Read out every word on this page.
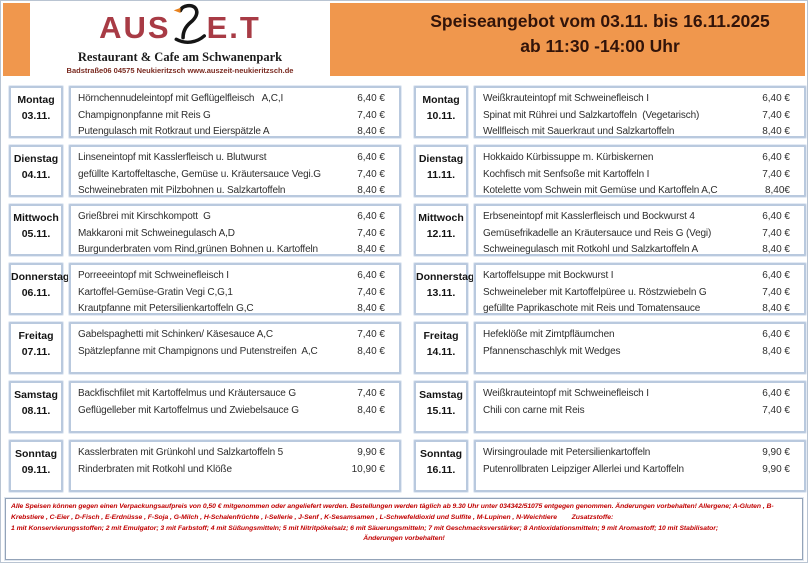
AUS E.T
Restaurant & Cafe am Schwanenpark
Badstraße06 04575 Neukieritzsch www.auszeit-neukieritzsch.de
Speiseangebot vom 03.11. bis 16.11.2025
ab 11:30 -14:00 Uhr
Montag
03.11.
Hörnchennudeleintopf mit Geflügelfleisch   A,C,I	6,40 €
Champignonpfanne mit Reis G	7,40 €
Putengulasch mit Rotkraut und Eierspätzle A	8,40 €
Dienstag
04.11.
Linseneintopf mit Kasslerfleisch u. Blutwurst	6,40 €
gefüllte Kartoffeltasche, Gemüse u. Kräutersauce Vegi.G	7,40 €
Schweinebraten mit Pilzbohnen u. Salzkartoffeln	8,40 €
Mittwoch
05.11.
Grießbrei mit Kirschkompott  G	6,40 €
Makkaroni mit Schweinegulasch A,D	7,40 €
Burgunderbraten vom Rind,grünen Bohnen u. Kartoffeln	8,40 €
Donnerstag
06.11.
Porreeeintopf mit Schweinefleisch I	6,40 €
Kartoffel-Gemüse-Gratin Vegi C,G,1	7,40 €
Krautpfanne mit Petersilienkartoffeln G,C	8,40 €
Freitag
07.11.
Gabelspaghetti mit Schinken/ Käsesauce A,C	7,40 €
Spätzlepfanne mit Champignons und Putenstreifen  A,C	8,40 €
Samstag
08.11.
Backfischfilet mit Kartoffelmus und Kräutersauce G	7,40 €
Geflügelleber mit Kartoffelmus und Zwiebelsauce G	8,40 €
Sonntag
09.11.
Kasslerbraten mit Grünkohl und Salzkartoffeln 5	9,90 €
Rinderbraten mit Rotkohl und Klöße	10,90 €
Montag
10.11.
Weißkrauteintopf mit Schweinefleisch I	6,40 €
Spinat mit Rührei und Salzkartoffeln  (Vegetarisch)	7,40 €
Wellfleisch mit Sauerkraut und Salzkartoffeln	8,40 €
Dienstag
11.11.
Hokkaido Kürbissuppe m. Kürbiskernen	6,40 €
Kochfisch mit Senfsoße mit Kartoffeln I	7,40 €
Kotelette vom Schwein mit Gemüse und Kartoffeln A,C	8,40€
Mittwoch
12.11.
Erbseneintopf mit Kasslerfleisch und Bockwurst 4	6,40 €
Gemüsefrikadelle an Kräutersauce und Reis G (Vegi)	7,40 €
Schweinegulasch mit Rotkohl und Salzkartoffeln A	8,40 €
Donnerstag
13.11.
Kartoffelsuppe mit Bockwurst I	6,40 €
Schweineleber mit Kartoffelpüree u. Röstzwiebeln G	7,40 €
gefüllte Paprikaschote mit Reis und Tomatensauce	8,40 €
Freitag
14.11.
Hefeklöße mit Zimtpfläumchen	6,40 €
Pfannenschaschlyk mit Wedges	8,40 €
Samstag
15.11.
Weißkrauteintopf mit Schweinefleisch I	6,40 €
Chili con carne mit Reis	7,40 €
Sonntag
16.11.
Wirsingroulade mit Petersilienkartoffeln	9,90 €
Putenrollbraten Leipziger Allerlei und Kartoffeln	9,90 €
Alle Speisen können gegen einen Verpackungsaufpreis von 0,50 € mitgenommen oder angeliefert werden. Bestellungen werden täglich ab 9.30 Uhr unter 034342/51075 entgegen genommen. Änderungen vorbehalten! Allergene; A-Gluten , B-
Krebstiere , C-Eier , D-Fisch , E-Erdnüsse , F-Soja , G-Milch , H-Schalenfrüchte , I-Sellerie , J-Senf , K-Sesamsamen , L-Schwefeldioxid und Sulfite , M-Lupinen , N-Weichtiere        Zusatzstoffe:
1 mit Konservierungsstoffen; 2 mit Emulgator; 3 mit Farbstoff; 4 mit Süßungsmitteln; 5 mit Nitritpökelsalz; 6 mit Säuerungsmitteln; 7 mit Geschmacksverstärker; 8 Antioxidationsmitteln; 9 mit Aromastoff; 10 mit Stabilisator;
Änderungen vorbehalten!
